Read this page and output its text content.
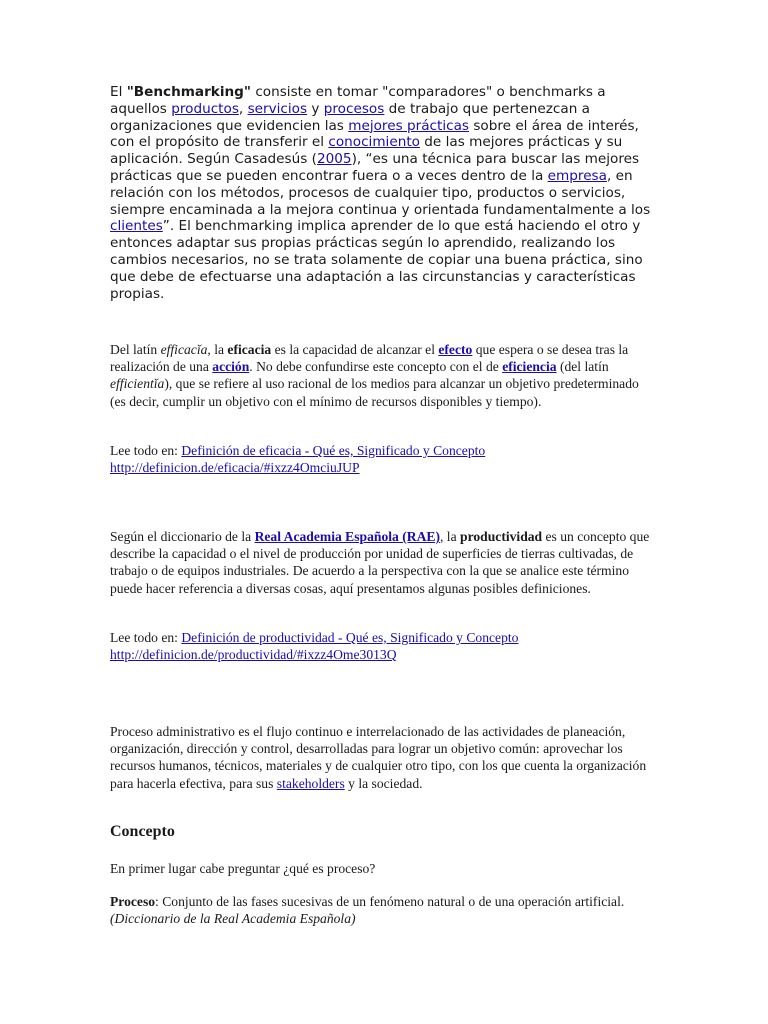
El "Benchmarking" consiste en tomar "comparadores" o benchmarks a aquellos productos, servicios y procesos de trabajo que pertenezcan a organizaciones que evidencien las mejores prácticas sobre el área de interés, con el propósito de transferir el conocimiento de las mejores prácticas y su aplicación. Según Casadesús (2005), “es una técnica para buscar las mejores prácticas que se pueden encontrar fuera o a veces dentro de la empresa, en relación con los métodos, procesos de cualquier tipo, productos o servicios, siempre encaminada a la mejora continua y orientada fundamentalmente a los clientes”. El benchmarking implica aprender de lo que está haciendo el otro y entonces adaptar sus propias prácticas según lo aprendido, realizando los cambios necesarios, no se trata solamente de copiar una buena práctica, sino que debe de efectuarse una adaptación a las circunstancias y características propias.

Del latín efficacĭa, la eficacia es la capacidad de alcanzar el efecto que espera o se desea tras la realización de una acción. No debe confundirse este concepto con el de eficiencia (del latín efficientĭa), que se refiere al uso racional de los medios para alcanzar un objetivo predeterminado (es decir, cumplir un objetivo con el mínimo de recursos disponibles y tiempo).

Lee todo en: Definición de eficacia - Qué es, Significado y Concepto
http://definicion.de/eficacia/#ixzz4OmciuJUP

Según el diccionario de la Real Academia Española (RAE), la productividad es un concepto que describe la capacidad o el nivel de producción por unidad de superficies de tierras cultivadas, de trabajo o de equipos industriales. De acuerdo a la perspectiva con la que se analice este término puede hacer referencia a diversas cosas, aquí presentamos algunas posibles definiciones.

Lee todo en: Definición de productividad - Qué es, Significado y Concepto
http://definicion.de/productividad/#ixzz4Ome3013Q

Proceso administrativo es el flujo continuo e interrelacionado de las actividades de planeación, organización, dirección y control, desarrolladas para lograr un objetivo común: aprovechar los recursos humanos, técnicos, materiales y de cualquier otro tipo, con los que cuenta la organización para hacerla efectiva, para sus stakeholders y la sociedad.

Concepto

En primer lugar cabe preguntar ¿qué es proceso?

Proceso: Conjunto de las fases sucesivas de un fenómeno natural o de una operación artificial. (Diccionario de la Real Academia Española)
